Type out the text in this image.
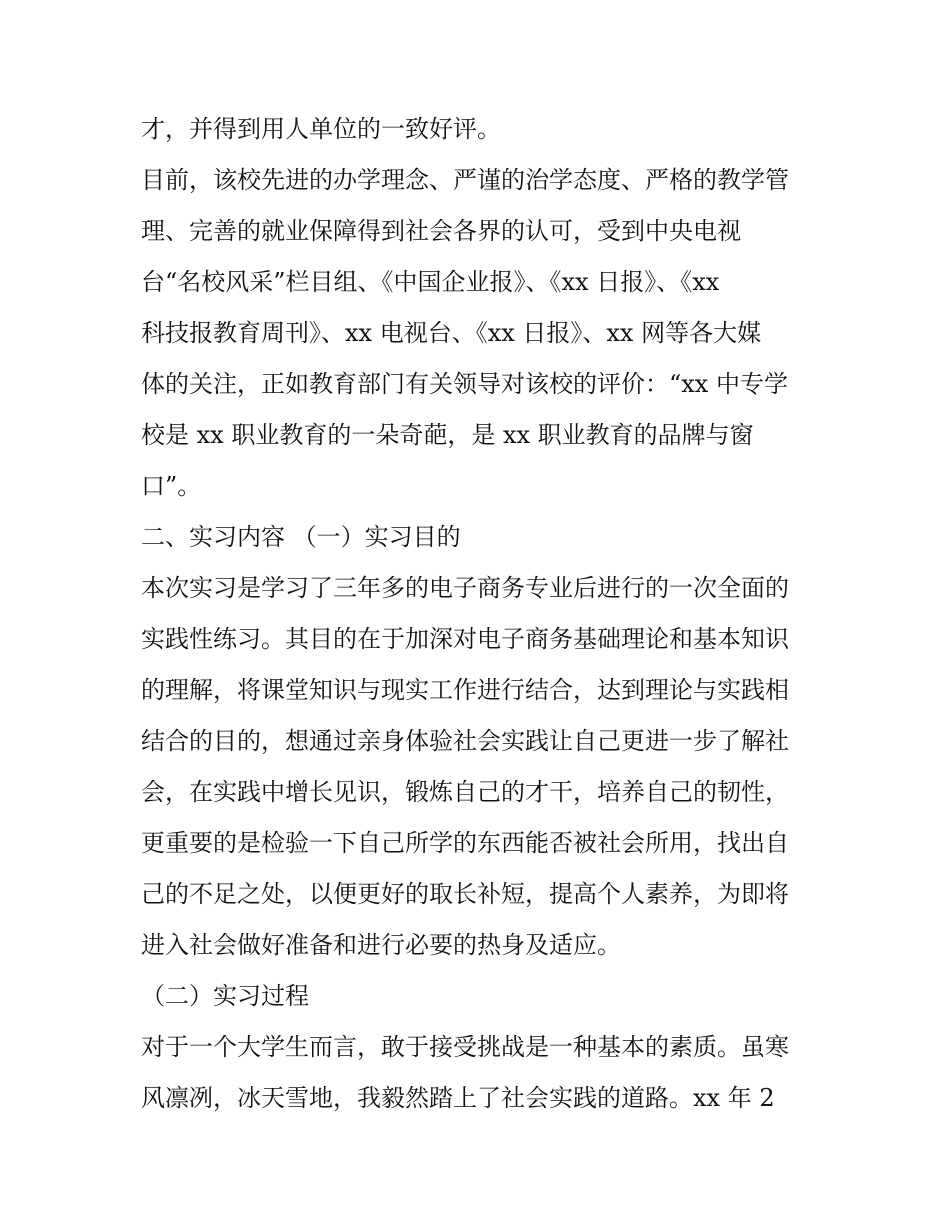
才，并得到用人单位的一致好评。
目前，该校先进的办学理念、严谨的治学态度、严格的教学管
理、完善的就业保障得到社会各界的认可，受到中央电视
台“名校风采”栏目组、《中国企业报》、《xx 日报》、《xx
科技报教育周刊》、xx 电视台、《xx 日报》、xx 网等各大媒
体的关注，正如教育部门有关领导对该校的评价：“xx 中专学
校是 xx 职业教育的一朵奇葩，是 xx 职业教育的品牌与窗
口”。
二、实习内容 （一）实习目的
本次实习是学习了三年多的电子商务专业后进行的一次全面的
实践性练习。其目的在于加深对电子商务基础理论和基本知识
的理解，将课堂知识与现实工作进行结合，达到理论与实践相
结合的目的，想通过亲身体验社会实践让自己更进一步了解社
会，在实践中增长见识，锻炼自己的才干，培养自己的韧性，
更重要的是检验一下自己所学的东西能否被社会所用，找出自
己的不足之处，以便更好的取长补短，提高个人素养，为即将
进入社会做好准备和进行必要的热身及适应。
（二）实习过程
对于一个大学生而言，敢于接受挑战是一种基本的素质。虽寒
风凛冽，冰天雪地，我毅然踏上了社会实践的道路。xx 年 2
